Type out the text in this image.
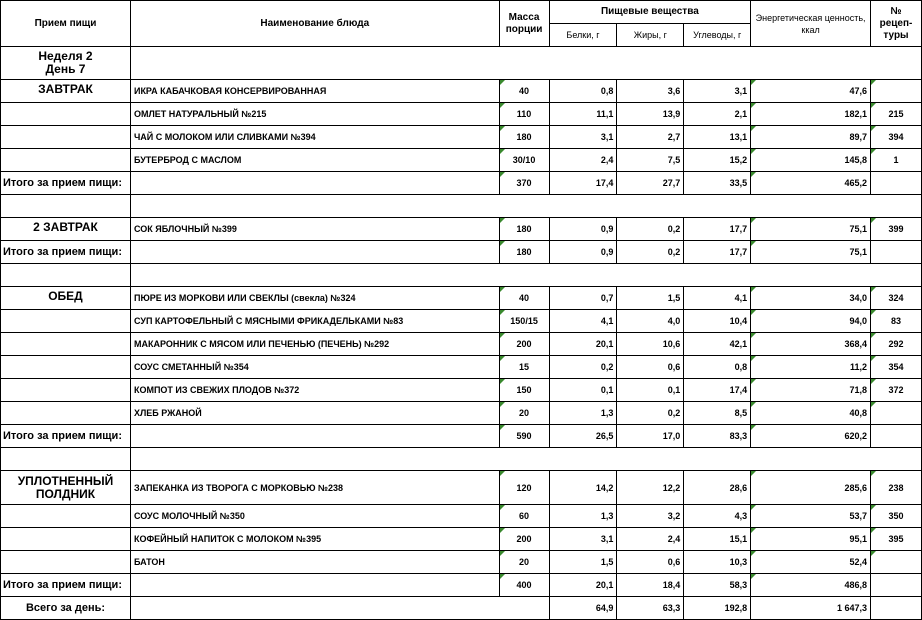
Прием пищи	Наименование блюда	Масса порции	Пищевые вещества			Энергетическая ценность, ккал	№ рецеп-туры
			Белки, г	Жиры, г	Углеводы, г		
Неделя 2
День 7							
ЗАВТРАК	ИКРА КАБАЧКОВАЯ КОНСЕРВИРОВАННАЯ	40	0,8	3,6	3,1	47,6	
	ОМЛЕТ НАТУРАЛЬНЫЙ №215	110	11,1	13,9	2,1	182,1	215
	ЧАЙ С МОЛОКОМ ИЛИ СЛИВКАМИ №394	180	3,1	2,7	13,1	89,7	394
	БУТЕРБРОД С МАСЛОМ	30/10	2,4	7,5	15,2	145,8	1
Итого за прием пищи:		370	17,4	27,7	33,5	465,2	

2 ЗАВТРАК	СОК ЯБЛОЧНЫЙ №399	180	0,9	0,2	17,7	75,1	399
Итого за прием пищи:		180	0,9	0,2	17,7	75,1	

ОБЕД	ПЮРЕ ИЗ МОРКОВИ ИЛИ СВЕКЛЫ (свекла) №324	40	0,7	1,5	4,1	34,0	324
	СУП КАРТОФЕЛЬНЫЙ С МЯСНЫМИ ФРИКАДЕЛЬКАМИ №83	150/15	4,1	4,0	10,4	94,0	83
	МАКАРОННИК С МЯСОМ ИЛИ ПЕЧЕНЬЮ (ПЕЧЕНЬ) №292	200	20,1	10,6	42,1	368,4	292
	СОУС СМЕТАННЫЙ №354	15	0,2	0,6	0,8	11,2	354
	КОМПОТ ИЗ СВЕЖИХ ПЛОДОВ №372	150	0,1	0,1	17,4	71,8	372
	ХЛЕБ РЖАНОЙ	20	1,3	0,2	8,5	40,8	
Итого за прием пищи:		590	26,5	17,0	83,3	620,2	

УПЛОТНЕННЫЙ ПОЛДНИК	ЗАПЕКАНКА ИЗ ТВОРОГА С МОРКОВЬЮ №238	120	14,2	12,2	28,6	285,6	238
	СОУС МОЛОЧНЫЙ №350	60	1,3	3,2	4,3	53,7	350
	КОФЕЙНЫЙ НАПИТОК С МОЛОКОМ №395	200	3,1	2,4	15,1	95,1	395
	БАТОН	20	1,5	0,6	10,3	52,4	
Итого за прием пищи:		400	20,1	18,4	58,3	486,8	
Всего за день:			64,9	63,3	192,8	1 647,3	
